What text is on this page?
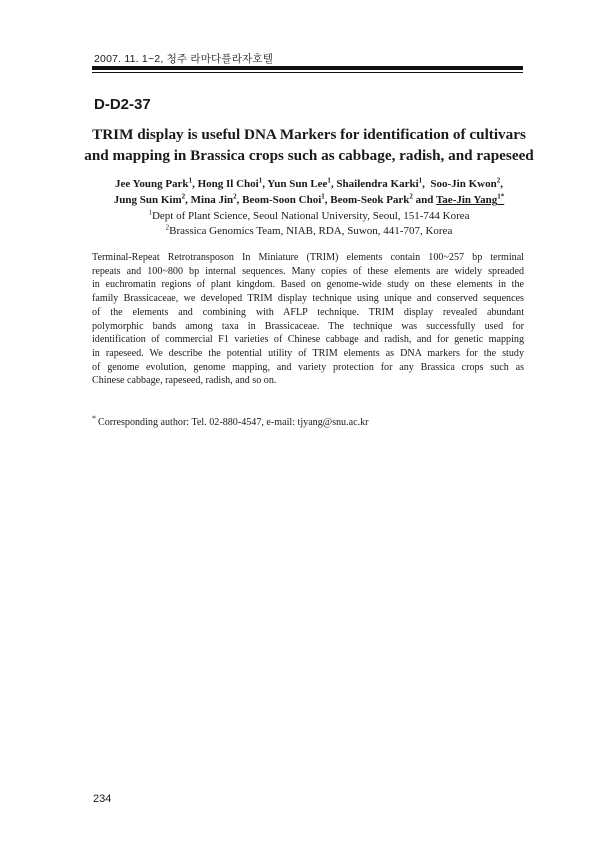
2007. 11. 1~2, 청주 라마다플라자호텔
D-D2-37
TRIM display is useful DNA Markers for identification of cultivars
and mapping in Brassica crops such as cabbage, radish, and rapeseed
Jee Young Park$^1$, Hong Il Choi$^1$, Yun Sun Lee$^1$, Shailendra Karki$^1$,  Soo-Jin Kwon$^2$,
Jung Sun Kim$^2$, Mina Jin$^2$, Beom-Soon Choi$^1$, Beom-Seok Park$^2$ and Tae-Jin Yang$^{1*}$
$^1$Dept of Plant Science, Seoul National University, Seoul, 151-744 Korea
$^2$Brassica Genomics Team, NIAB, RDA, Suwon, 441-707, Korea
Terminal-Repeat Retrotransposon In Miniature (TRIM) elements contain 100~257 bp terminal
repeats and 100~800 bp internal sequences. Many copies of these elements are widely spreaded
in euchromatin regions of plant kingdom. Based on genome-wide study on these elements in the
family Brassicaceae, we developed TRIM display technique using unique and conserved sequences
of the elements and combining with AFLP technique. TRIM display revealed abundant
polymorphic bands among taxa in Brassicaceae. The technique was successfully used for
identification of commercial F1 varieties of Chinese cabbage and radish, and for genetic mapping
in rapeseed. We describe the potential utility of TRIM elements as DNA markers for the study
of genome evolution, genome mapping, and variety protection for any Brassica crops such as
Chinese cabbage, rapeseed, radish, and so on.
* Corresponding author: Tel. 02-880-4547, e-mail: tjyang@snu.ac.kr
234
